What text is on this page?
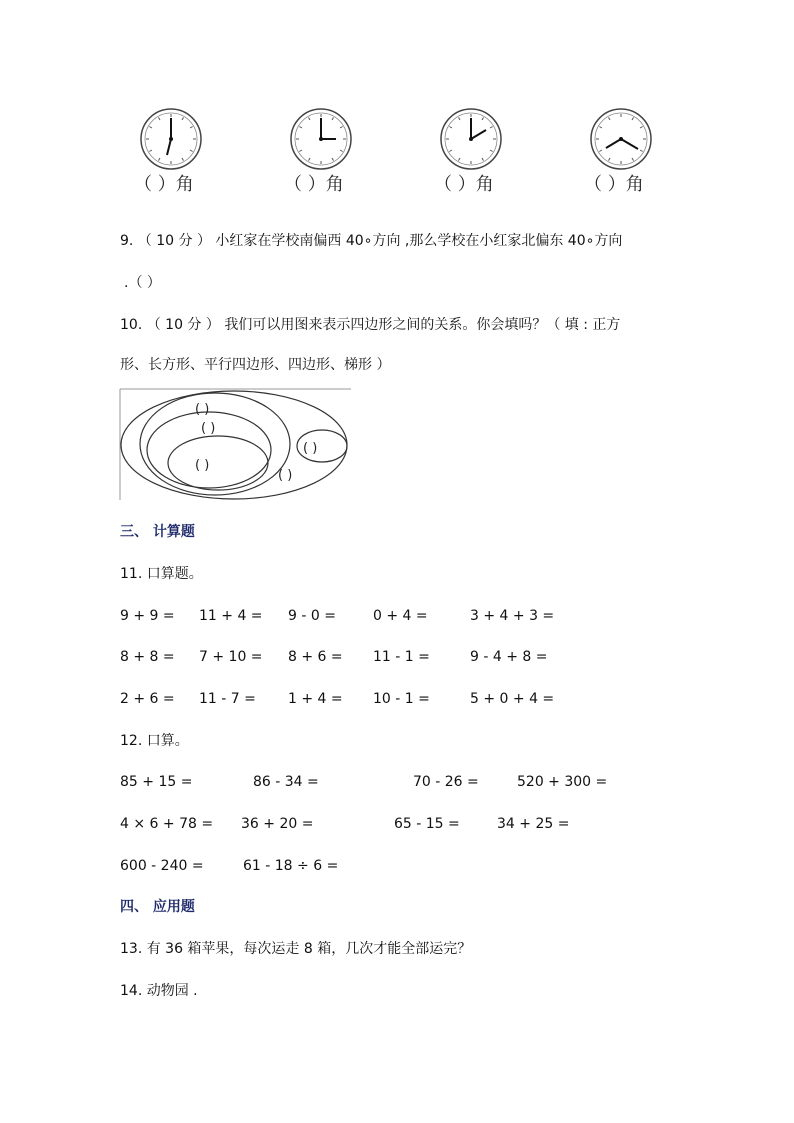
（ ）角	（ ）角	（ ）角	（ ）角
9. （ 10 分 ） 小红家在学校南偏西 40∘方向 ,那么学校在小红家北偏东 40∘方向
.（ ）
10. （ 10 分 ） 我们可以用图来表示四边形之间的关系。你会填吗？（ 填 : 正方
形、长方形、平行四边形、四边形、梯形 ）
( )
( )
( )
( )
( )
三、 计算题
11. 口算题。
9 + 9 = 11 + 4 = 9 - 0 =	0 + 4 =	3 + 4 + 3 =
8 + 8 = 7 + 10 = 8 + 6 = 11 - 1 =	9 - 4 + 8 =
2 + 6 = 11 - 7 = 1 + 4 = 10 - 1 =	5 + 0 + 4 =
12. 口算。
85 + 15 =	86 - 34 =	70 - 26 =	520 + 300 =
4 × 6 + 78 = 36 + 20 =	65 - 15 =	34 + 25 =
600 - 240 =	61 - 18 ÷ 6 =
四、 应用题
13. 有 36 箱苹果，每次运走 8 箱，几次才能全部运完？
14. 动物园 .
